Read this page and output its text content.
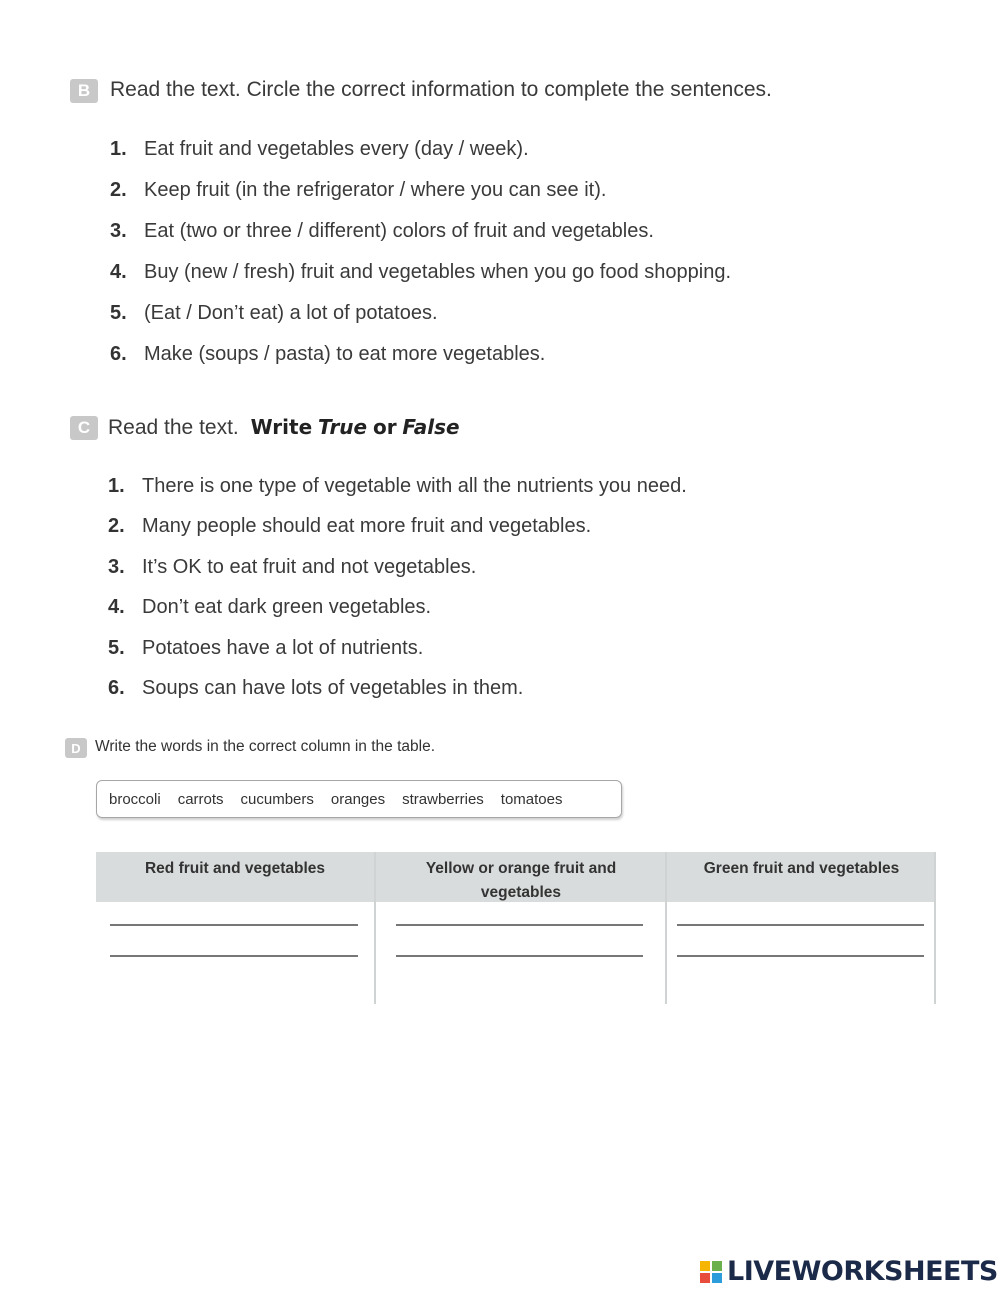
B Read the text. Circle the correct information to complete the sentences.
1. Eat fruit and vegetables every (day / week).
2. Keep fruit (in the refrigerator / where you can see it).
3. Eat (two or three / different) colors of fruit and vegetables.
4. Buy (new / fresh) fruit and vegetables when you go food shopping.
5. (Eat / Don’t eat) a lot of potatoes.
6. Make (soups / pasta) to eat more vegetables.
C Read the text. Write True or False
1. There is one type of vegetable with all the nutrients you need.
2. Many people should eat more fruit and vegetables.
3. It’s OK to eat fruit and not vegetables.
4. Don’t eat dark green vegetables.
5. Potatoes have a lot of nutrients.
6. Soups can have lots of vegetables in them.
D Write the words in the correct column in the table.
broccoli carrots cucumbers oranges strawberries tomatoes
Red fruit and vegetables	Yellow or orange fruit and vegetables
Green fruit and vegetables
LIVEWORKSHEETS
